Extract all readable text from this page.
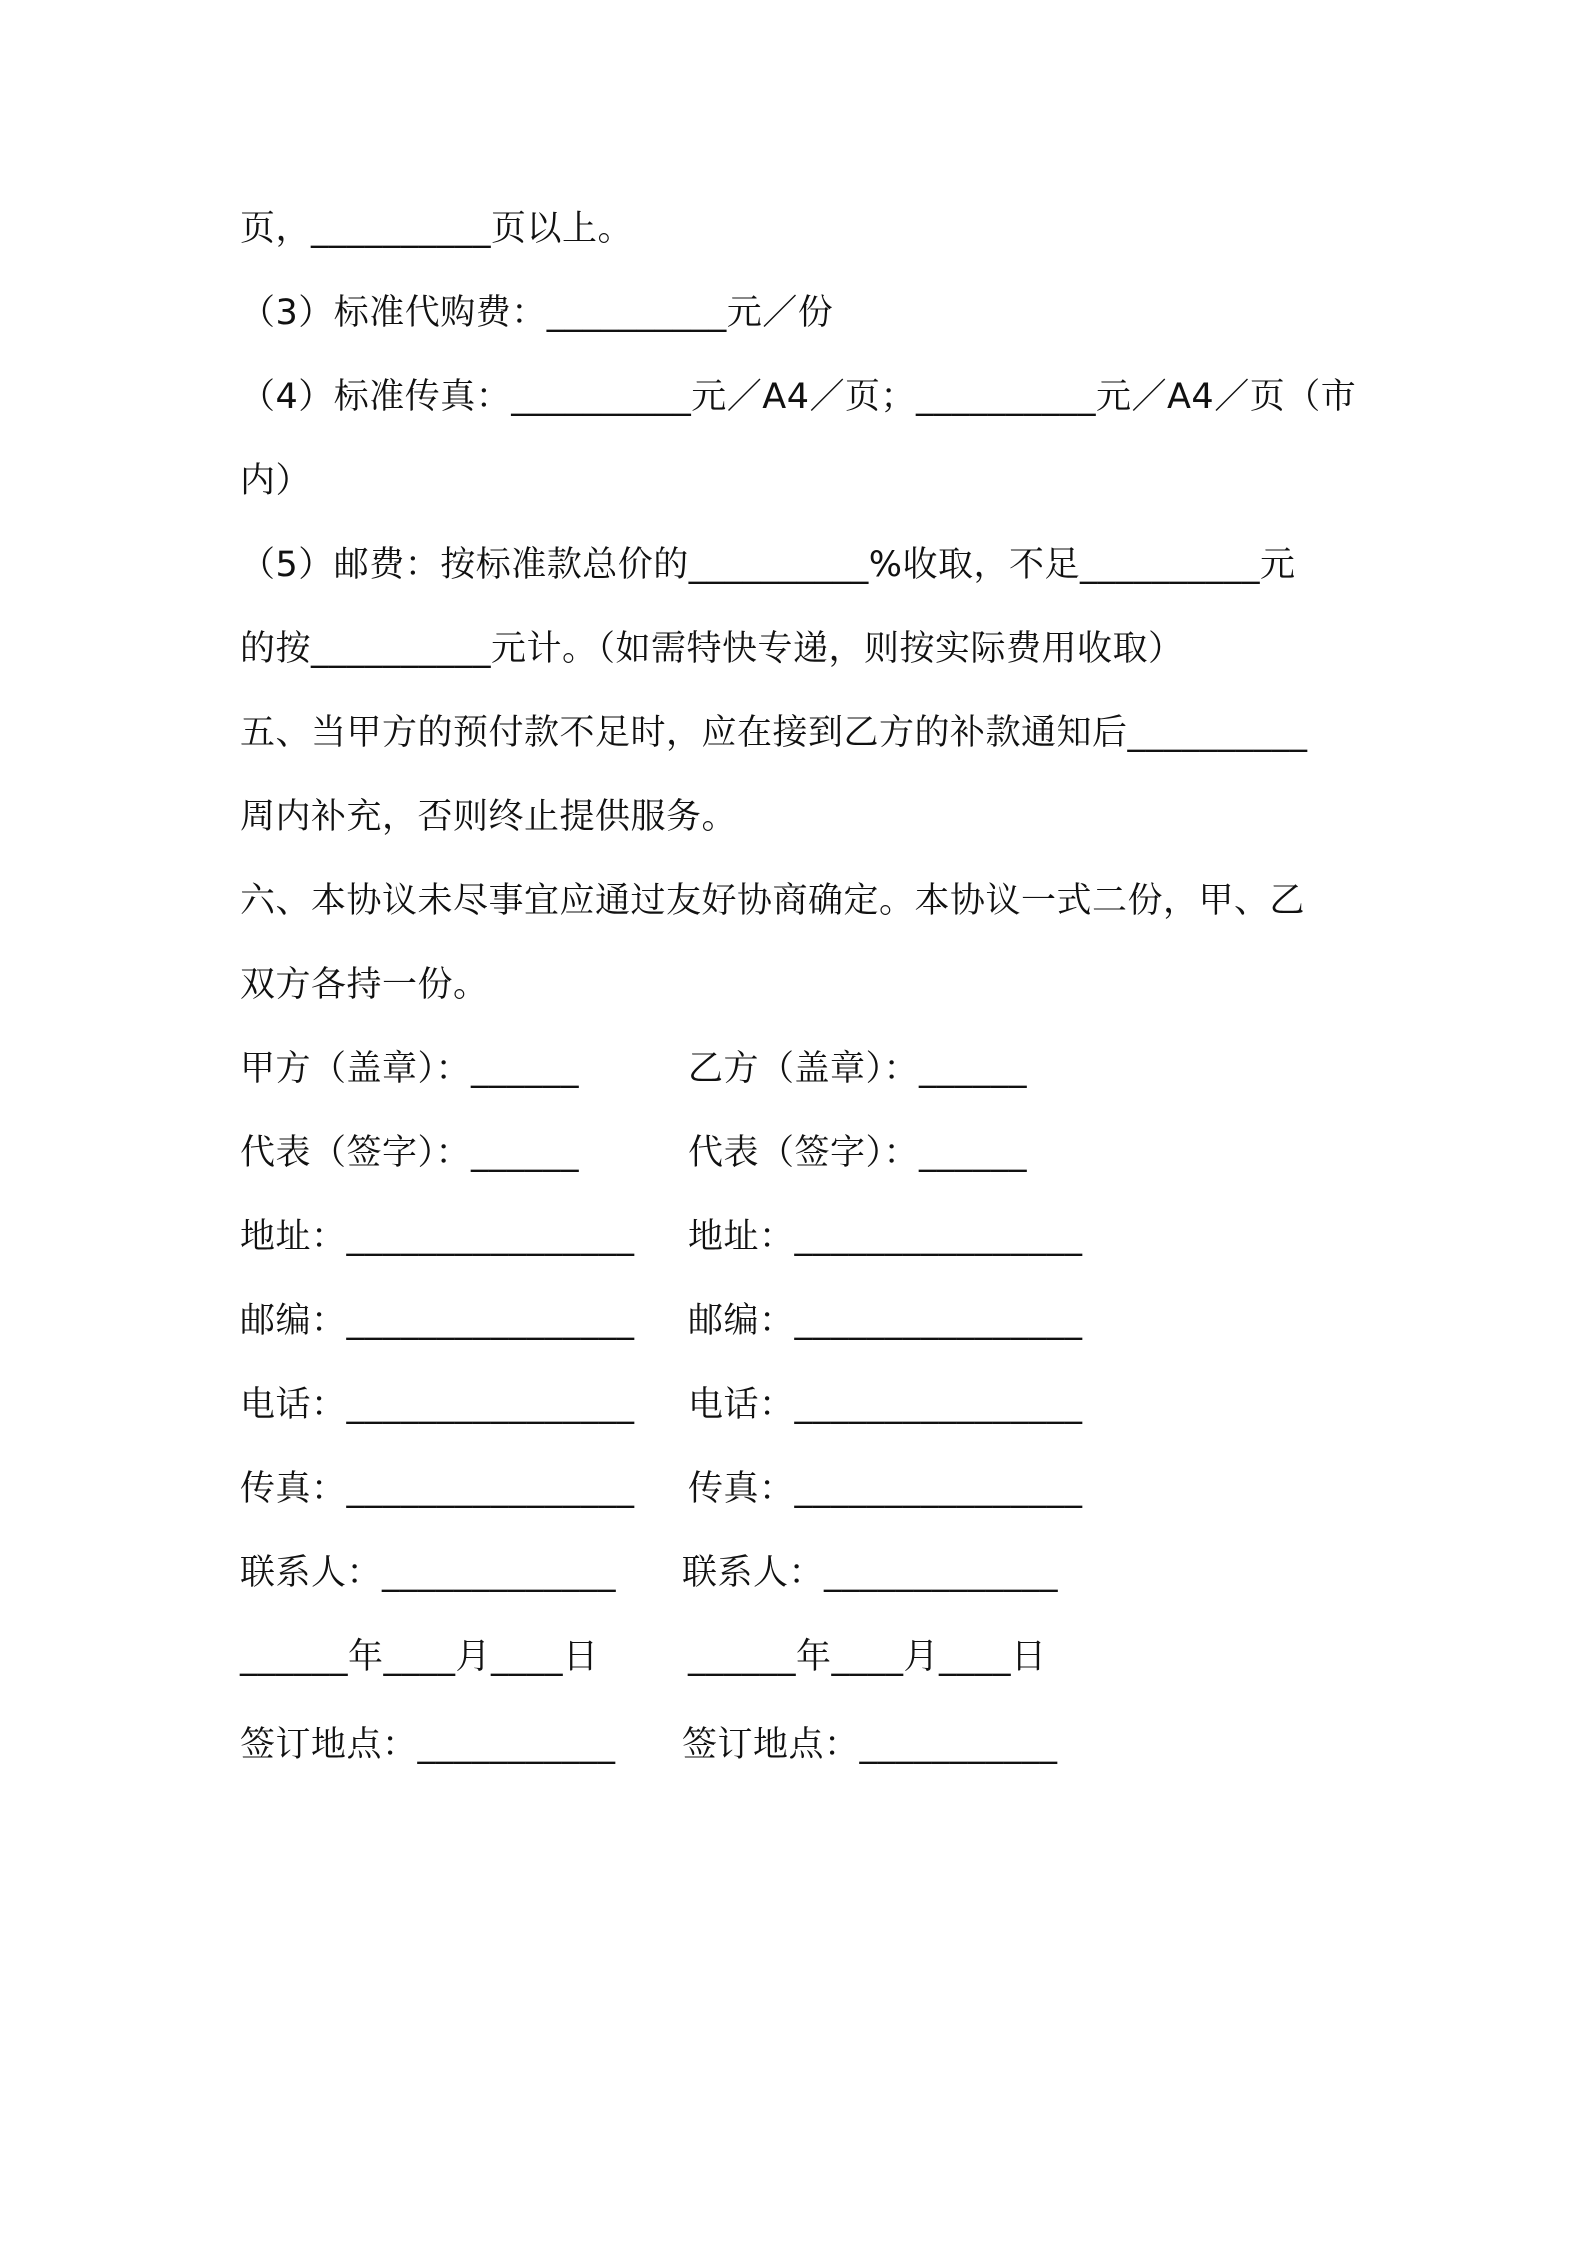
页，__________页以上。
（3）标准代购费：__________元／份
（4）标准传真：__________元／A4／页；__________元／A4／页（市
内）
（5）邮费：按标准款总价的__________%收取，不足__________元
的按__________元计。（如需特快专递，则按实际费用收取）
五、当甲方的预付款不足时，应在接到乙方的补款通知后__________
周内补充，否则终止提供服务。
六、本协议未尽事宜应通过友好协商确定。本协议一式二份，甲、乙
双方各持一份。
甲方（盖章）：______
代表（签字）：______
地址：________________
邮编：________________
电话：________________
传真：________________
联系人：_____________
______年____月____日
签订地点：___________
乙方（盖章）：______
代表（签字）：______
地址：________________
邮编：________________
电话：________________
传真：________________
联系人：_____________
______年____月____日
签订地点：___________
